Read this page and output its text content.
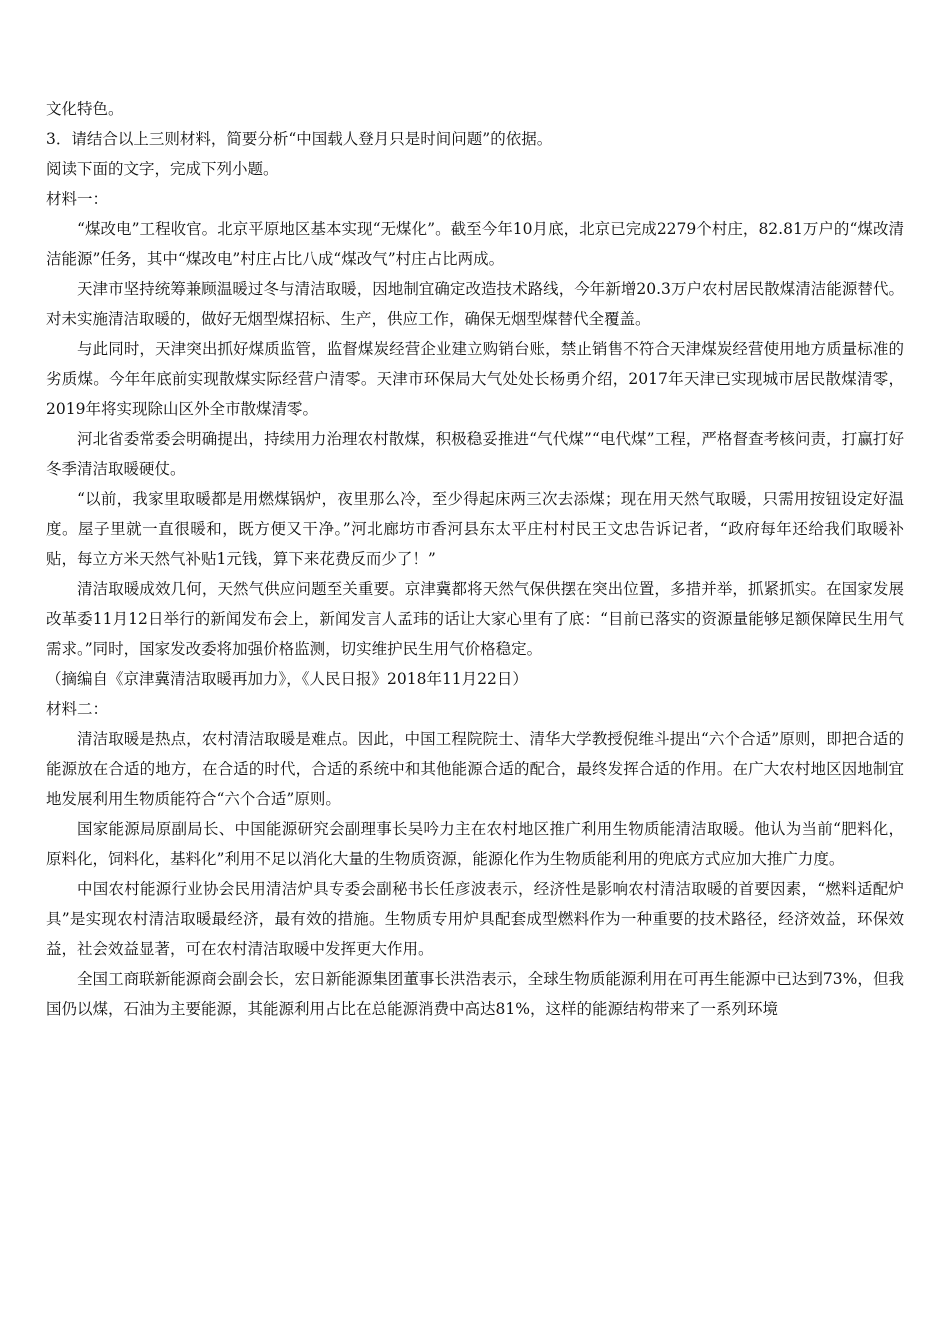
文化特色。

3．请结合以上三则材料，简要分析“中国载人登月只是时间问题”的依据。

阅读下面的文字，完成下列小题。

材料一：

“煤改电”工程收官。北京平原地区基本实现“无煤化”。截至今年10月底，北京已完成2279个村庄，82.81万户的“煤改清洁能源”任务，其中“煤改电”村庄占比八成“煤改气”村庄占比两成。

天津市坚持统筹兼顾温暖过冬与清洁取暖，因地制宜确定改造技术路线，今年新增20.3万户农村居民散煤清洁能源替代。对未实施清洁取暖的，做好无烟型煤招标、生产，供应工作，确保无烟型煤替代全覆盖。

与此同时，天津突出抓好煤质监管，监督煤炭经营企业建立购销台账，禁止销售不符合天津煤炭经营使用地方质量标准的劣质煤。今年年底前实现散煤实际经营户清零。天津市环保局大气处处长杨勇介绍，2017年天津已实现城市居民散煤清零，2019年将实现除山区外全市散煤清零。

河北省委常委会明确提出，持续用力治理农村散煤，积极稳妥推进“气代煤”“电代煤”工程，严格督查考核问责，打赢打好冬季清洁取暖硬仗。

“以前，我家里取暖都是用燃煤锅炉，夜里那么冷，至少得起床两三次去添煤；现在用天然气取暖，只需用按钮设定好温度。屋子里就一直很暖和，既方便又干净。”河北廊坊市香河县东太平庄村村民王文忠告诉记者，“政府每年还给我们取暖补贴，每立方米天然气补贴1元钱，算下来花费反而少了！”

清洁取暖成效几何，天然气供应问题至关重要。京津冀都将天然气保供摆在突出位置，多措并举，抓紧抓实。在国家发展改革委11月12日举行的新闻发布会上，新闻发言人孟玮的话让大家心里有了底：“目前已落实的资源量能够足额保障民生用气需求。”同时，国家发改委将加强价格监测，切实维护民生用气价格稳定。

（摘编自《京津冀清洁取暖再加力》，《人民日报》2018年11月22日）

材料二：

清洁取暖是热点，农村清洁取暖是难点。因此，中国工程院院士、清华大学教授倪维斗提出“六个合适”原则，即把合适的能源放在合适的地方，在合适的时代，合适的系统中和其他能源合适的配合，最终发挥合适的作用。在广大农村地区因地制宜地发展利用生物质能符合“六个合适”原则。

国家能源局原副局长、中国能源研究会副理事长吴吟力主在农村地区推广利用生物质能清洁取暖。他认为当前“肥料化，原料化，饲料化，基料化”利用不足以消化大量的生物质资源，能源化作为生物质能利用的兜底方式应加大推广力度。

中国农村能源行业协会民用清洁炉具专委会副秘书长任彦波表示，经济性是影响农村清洁取暖的首要因素，“燃料适配炉具”是实现农村清洁取暖最经济，最有效的措施。生物质专用炉具配套成型燃料作为一种重要的技术路径，经济效益，环保效益，社会效益显著，可在农村清洁取暖中发挥更大作用。

全国工商联新能源商会副会长，宏日新能源集团董事长洪浩表示，全球生物质能源利用在可再生能源中已达到73%，但我国仍以煤，石油为主要能源，其能源利用占比在总能源消费中高达81%，这样的能源结构带来了一系列环境
